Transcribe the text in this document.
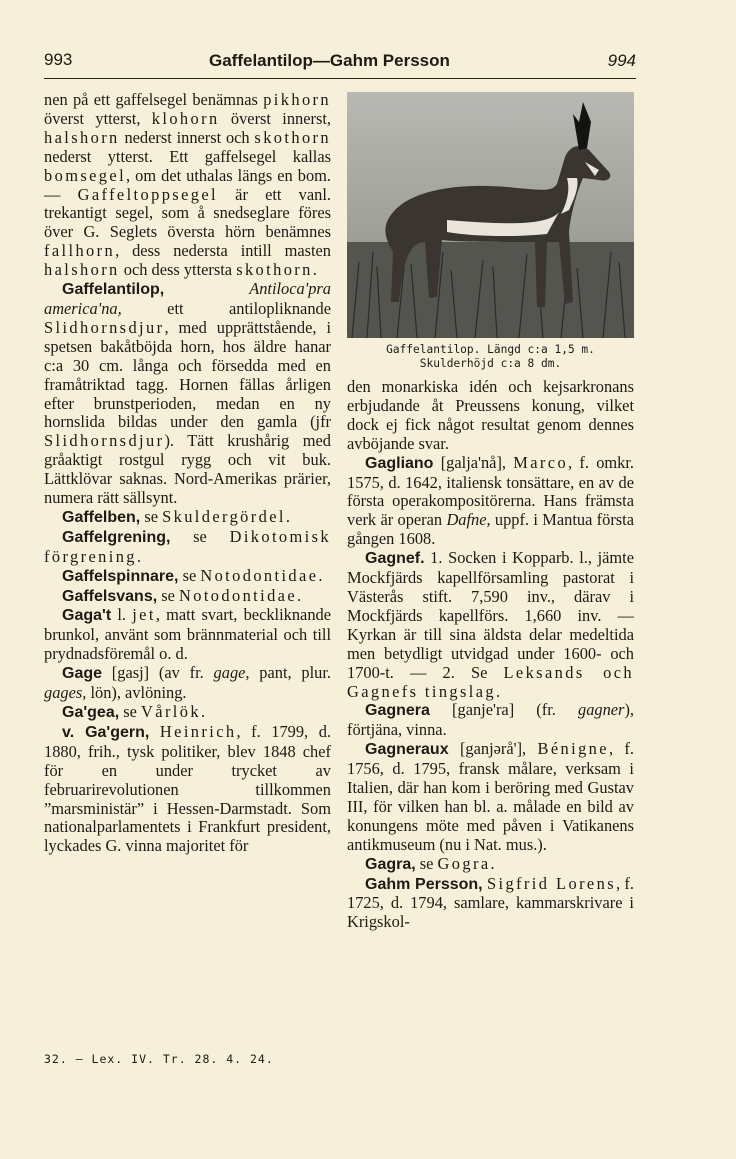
993	Gaffelantilop—Gahm Persson	994

nen på ett gaffelsegel benämnas pikhorn överst ytterst, klohorn överst innerst, halshorn nederst innerst och skothorn nederst ytterst. Ett gaffelsegel kallas bomsegel, om det uthalas längs en bom. — Gaffeltoppsegel är ett vanl. trekantigt segel, som å snedseglare föres över G. Seglets översta hörn benämnes fallhorn, dess nedersta intill masten halshorn och dess yttersta skothorn.

Gaffelantilop,	Antiloca'pra america'na, ett antilopliknande Slidhornsdjur, med upprättstående, i spetsen bakåtböjda horn, hos äldre hanar c:a 30 cm. långa och försedda med en framåtriktad tagg. Hornen fällas årligen efter brunstperioden, medan en ny hornslida bildas under den gamla (jfr Slidhornsdjur). Tätt krushårig med gråaktigt rostgul rygg och vit buk. Lättklövar saknas. Nord-Amerikas prärier, numera rätt sällsynt.

Gaffelben, se Skuldergördel.

Gaffelgrening, se Dikotomisk förgrening.

Gaffelspinnare, se Notodontidae.

Gaffelsvans, se Notodontidae.

Gaga't l. jet, matt svart, becklіknande brunkol, använt som brännmaterial och till prydnadsföremål o. d.

Gage [gasj] (av fr. gage, pant, plur. gages, lön), avlöning.

Ga'gea, se Vårlök.

v. Ga'gern, Heinrich, f. 1799, d. 1880, frih., tysk politiker, blev 1848 chef för en under trycket av februarirevolutionen tillkommen ”marsministär” i Hessen-Darmstadt. Som nationalparlamentets i Frankfurt president, lyckades G. vinna majoritet för

Gaffelantilop. Längd c:a 1,5 m. Skulderhöjd c:a 8 dm.

den monarkiska idén och kejsarkronans erbjudande åt Preussens konung, vilket dock ej fick något resultat genom dennes avböjande svar.

Gagliano [galja'nå], Marco, f. omkr. 1575, d. 1642, italiensk tonsättare, en av de första operakompositörerna. Hans främsta verk är operan Dafne, uppf. i Mantua första gången 1608.

Gagnef. 1. Socken i Kopparb. l., jämte Mockfjärds kapellförsamling pastorat i Västerås stift. 7,590 inv., därav i Mockfjärds kapellförs. 1,660 inv. — Kyrkan är till sina äldsta delar medeltida men betydligt utvidgad under 1600- och 1700-t. — 2. Se Leksands och Gagnefs tingslag.

Gagnera [ganje'ra] (fr. gagner), förtjäna, vinna.

Gagneraux [ganjərå'], Bénigne, f. 1756, d. 1795, fransk målare, verksam i Italien, där han kom i beröring med Gustav III, för vilken han bl. a. målade en bild av konungens möte med påven i Vatikanens antikmuseum (nu i Nat. mus.).

Gagra, se Gogra.

Gahm Persson, Sigfrid Lorens, f. 1725, d. 1794, samlare, kammarskrivare i Krigskol-

32. — Lex. IV. Tr. 28. 4. 24.
